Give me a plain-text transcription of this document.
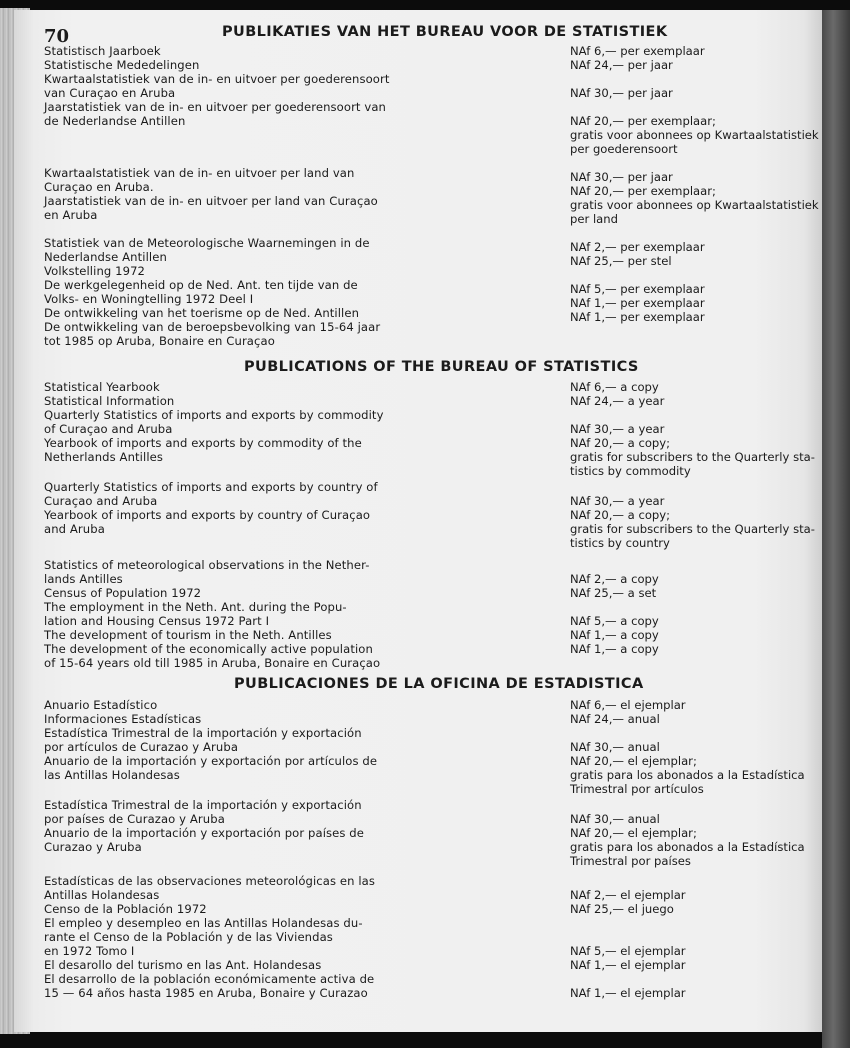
70	PUBLIKATIES VAN HET BUREAU VOOR DE STATISTIEK
Statistisch Jaarboek
Statistische Mededelingen
Kwartaalstatistiek van de in- en uitvoer per goederensoort
van Curaçao en Aruba
Jaarstatistiek van de in- en uitvoer per goederensoort van
de Nederlandse Antillen
Kwartaalstatistiek van de in- en uitvoer per land van
Curaçao en Aruba.
Jaarstatistiek van de in- en uitvoer per land van Curaçao
en Aruba
Statistiek van de Meteorologische Waarnemingen in de
Nederlandse Antillen
Volkstelling 1972
De werkgelegenheid op de Ned. Ant. ten tijde van de
Volks- en Woningtelling 1972 Deel I
De ontwikkeling van het toerisme op de Ned. Antillen
De ontwikkeling van de beroepsbevolking van 15-64 jaar
tot 1985 op Aruba, Bonaire en Curaçao
NAf 6,— per exemplaar
NAf 24,— per jaar
NAf 30,— per jaar
NAf 20,— per exemplaar;
gratis voor abonnees op Kwartaalstatistiek
per goederensoort
NAf 30,— per jaar
NAf 20,— per exemplaar;
gratis voor abonnees op Kwartaalstatistiek
per land
NAf 2,— per exemplaar
NAf 25,— per stel
NAf 5,— per exemplaar
NAf 1,— per exemplaar
NAf 1,— per exemplaar
PUBLICATIONS OF THE BUREAU OF STATISTICS
Statistical Yearbook
Statistical Information
Quarterly Statistics of imports and exports by commodity
of Curaçao and Aruba
Yearbook of imports and exports by commodity of the
Netherlands Antilles
Quarterly Statistics of imports and exports by country of
Curaçao and Aruba
Yearbook of imports and exports by country of Curaçao
and Aruba
Statistics of meteorological observations in the Nether-
lands Antilles
Census of Population 1972
The employment in the Neth. Ant. during the Popu-
lation and Housing Census 1972 Part I
The development of tourism in the Neth. Antilles
The development of the economically active population
of 15-64 years old till 1985 in Aruba, Bonaire en Curaçao
NAf 6,— a copy
NAf 24,— a year
NAf 30,— a year
NAf 20,— a copy;
gratis for subscribers to the Quarterly sta-
tistics by commodity
NAf 30,— a year
NAf 20,— a copy;
gratis for subscribers to the Quarterly sta-
tistics by country
NAf 2,— a copy
NAf 25,— a set
NAf 5,— a copy
NAf 1,— a copy
NAf 1,— a copy
PUBLICACIONES DE LA OFICINA DE ESTADISTICA
Anuario Estadístico
Informaciones Estadísticas
Estadística Trimestral de la importación y exportación
por artículos de Curazao y Aruba
Anuario de la importación y exportación por artículos de
las Antillas Holandesas
Estadística Trimestral de la importación y exportación
por países de Curazao y Aruba
Anuario de la importación y exportación por países de
Curazao y Aruba
Estadísticas de las observaciones meteorológicas en las
Antillas Holandesas
Censo de la Población 1972
El empleo y desempleo en las Antillas Holandesas du-
rante el Censo de la Población y de las Viviendas
en 1972 Tomo I
El desarollo del turismo en las Ant. Holandesas
El desarrollo de la población económicamente activa de
15 — 64 años hasta 1985 en Aruba, Bonaire y Curazao
NAf 6,— el ejemplar
NAf 24,— anual
NAf 30,— anual
NAf 20,— el ejemplar;
gratis para los abonados a la Estadística
Trimestral por artículos
NAf 30,— anual
NAf 20,— el ejemplar;
gratis para los abonados a la Estadística
Trimestral por países
NAf 2,— el ejemplar
NAf 25,— el juego
NAf 5,— el ejemplar
NAf 1,— el ejemplar
NAf 1,— el ejemplar
